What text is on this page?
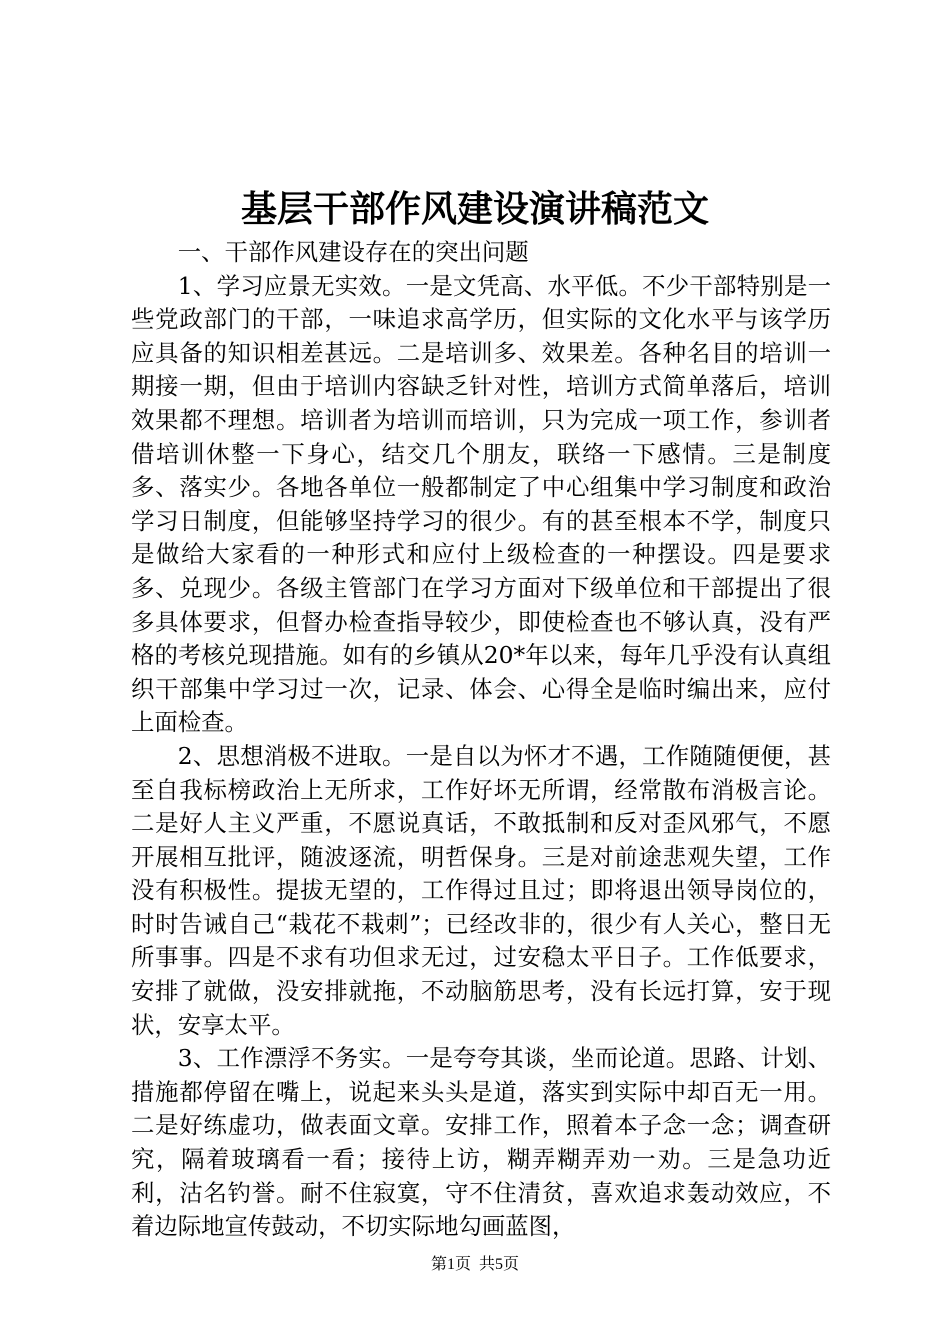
基层干部作风建设演讲稿范文

一、干部作风建设存在的突出问题

1、学习应景无实效。一是文凭高、水平低。不少干部特别是一些党政部门的干部，一味追求高学历，但实际的文化水平与该学历应具备的知识相差甚远。二是培训多、效果差。各种名目的培训一期接一期，但由于培训内容缺乏针对性，培训方式简单落后，培训效果都不理想。培训者为培训而培训，只为完成一项工作，参训者借培训休整一下身心，结交几个朋友，联络一下感情。三是制度多、落实少。各地各单位一般都制定了中心组集中学习制度和政治学习日制度，但能够坚持学习的很少。有的甚至根本不学，制度只是做给大家看的一种形式和应付上级检查的一种摆设。四是要求多、兑现少。各级主管部门在学习方面对下级单位和干部提出了很多具体要求，但督办检查指导较少，即使检查也不够认真，没有严格的考核兑现措施。如有的乡镇从20*年以来，每年几乎没有认真组织干部集中学习过一次，记录、体会、心得全是临时编出来，应付上面检查。

2、思想消极不进取。一是自以为怀才不遇，工作随随便便，甚至自我标榜政治上无所求，工作好坏无所谓，经常散布消极言论。二是好人主义严重，不愿说真话，不敢抵制和反对歪风邪气，不愿开展相互批评，随波逐流，明哲保身。三是对前途悲观失望，工作没有积极性。提拔无望的，工作得过且过；即将退出领导岗位的，时时告诫自己“栽花不栽刺”；已经改非的，很少有人关心，整日无所事事。四是不求有功但求无过，过安稳太平日子。工作低要求，安排了就做，没安排就拖，不动脑筋思考，没有长远打算，安于现状，安享太平。

3、工作漂浮不务实。一是夸夸其谈，坐而论道。思路、计划、措施都停留在嘴上，说起来头头是道，落实到实际中却百无一用。二是好练虚功，做表面文章。安排工作，照着本子念一念；调查研究，隔着玻璃看一看；接待上访，糊弄糊弄劝一劝。三是急功近利，沽名钓誉。耐不住寂寞，守不住清贫，喜欢追求轰动效应，不着边际地宣传鼓动，不切实际地勾画蓝图，

第1页 共5页
